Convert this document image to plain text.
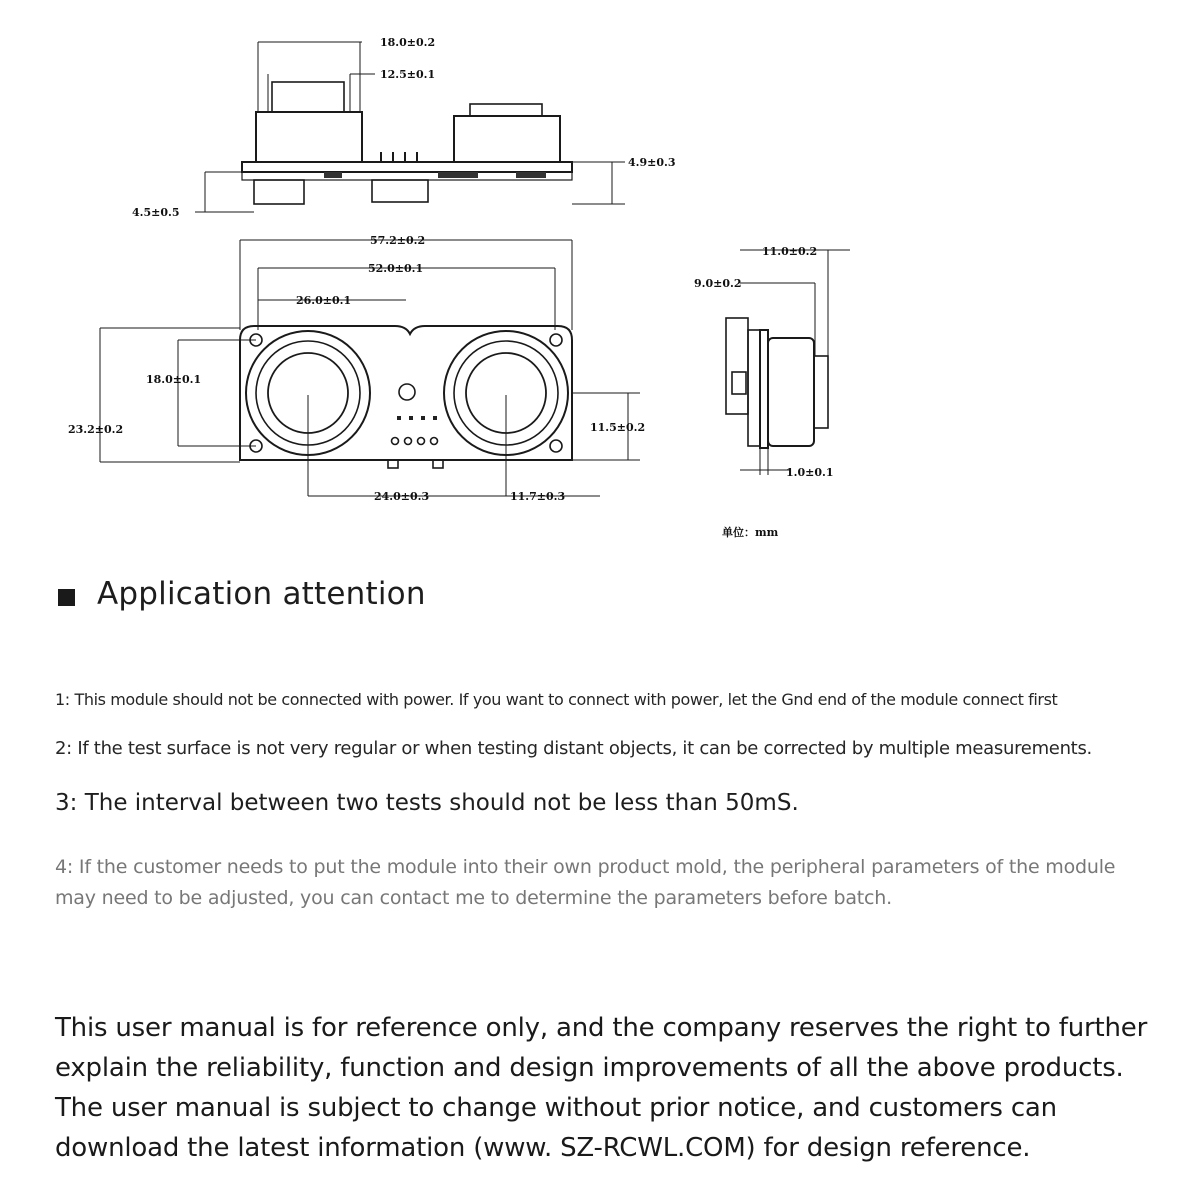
18.0±0.2
12.5±0.1
4.9±0.3
4.5±0.5
57.2±0.2
52.0±0.1
26.0±0.1
18.0±0.1
23.2±0.2	11.5±0.2
24.0±0.3	11.7±0.3
11.0±0.2
9.0±0.2
1.0±0.1
单位：mm
Application attention

1: This module should not be connected with power. If you want to connect with power, let the Gnd end of the module connect first

2: If the test surface is not very regular or when testing distant objects, it can be corrected by multiple measurements.

3: The interval between two tests should not be less than 50mS.

4: If the customer needs to put the module into their own product mold, the peripheral parameters of the module may need to be adjusted, you can contact me to determine the parameters before batch.

This user manual is for reference only, and the company reserves the right to further explain the reliability, function and design improvements of all the above products. The user manual is subject to change without prior notice, and customers can download the latest information (www. SZ-RCWL.COM) for design reference.
